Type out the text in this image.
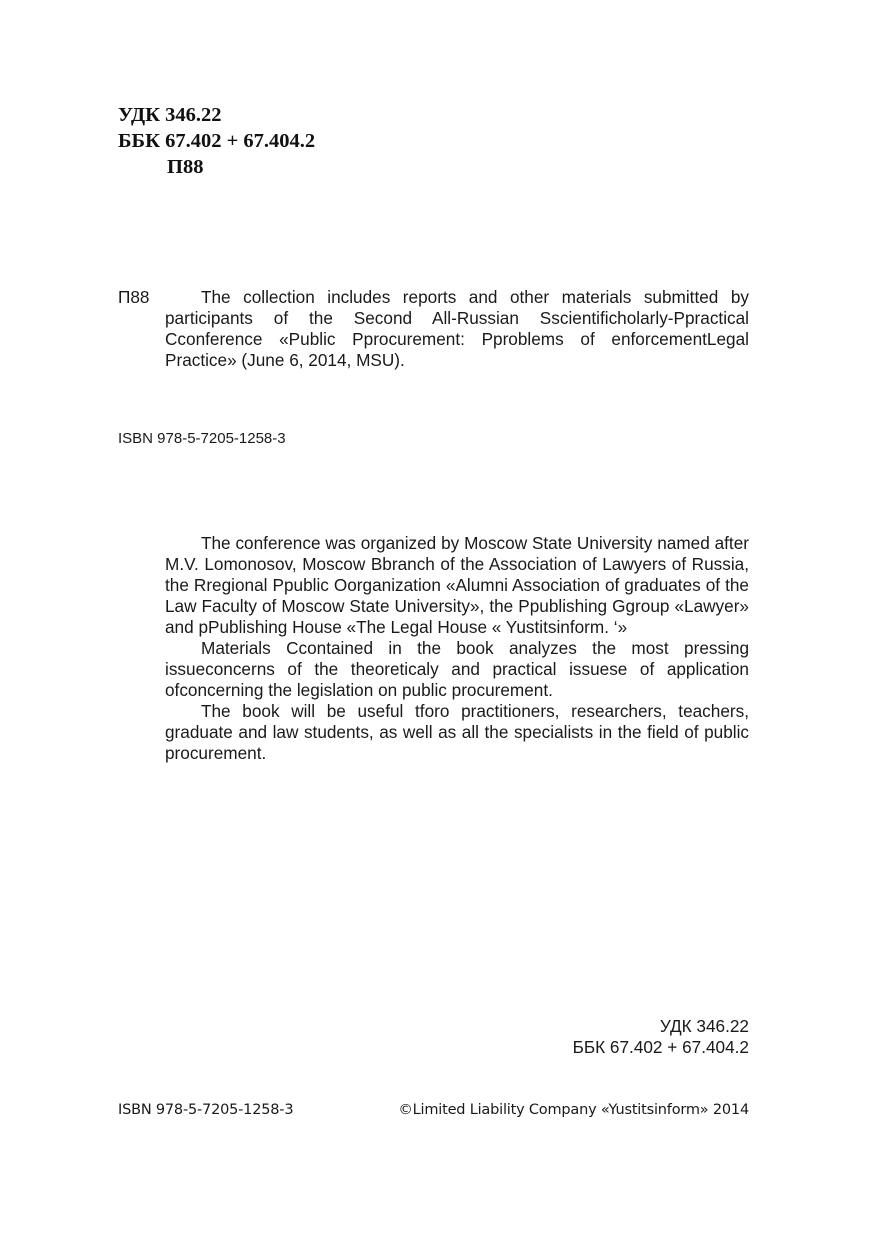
УДК 346.22
ББК 67.402 + 67.404.2
П88
П88	The collection includes reports and other materials submitted by participants of the Second All-Russian Sscientificholarly-Ppractical Cconference «Public Pprocurement: Pproblems of enforcementLegal Practice» (June 6, 2014, MSU).
ISBN 978-5-7205-1258-3

The conference was organized by Moscow State University named after M.V. Lomonosov, Moscow Bbranch of the Association of Lawyers of Russia, the Rregional Ppublic Oorganization «Alumni Association of graduates of the Law Faculty of Moscow State University», the Ppublishing Ggroup «Lawyer» and pPublishing House «The Legal House « Yustitsinform. ‘»

Materials Ccontained in the book analyzes the most pressing issueconcerns of the theoreticaly and practical issuese of application ofconcerning the legislation on public procurement.

The book will be useful tforo practitioners, researchers, teachers, graduate and law students, as well as all the specialists in the field of public procurement.

УДК 346.22
ББК 67.402 + 67.404.2
ISBN 978-5-7205-1258-3	©Limited Liability Company «Yustitsinform» 2014
